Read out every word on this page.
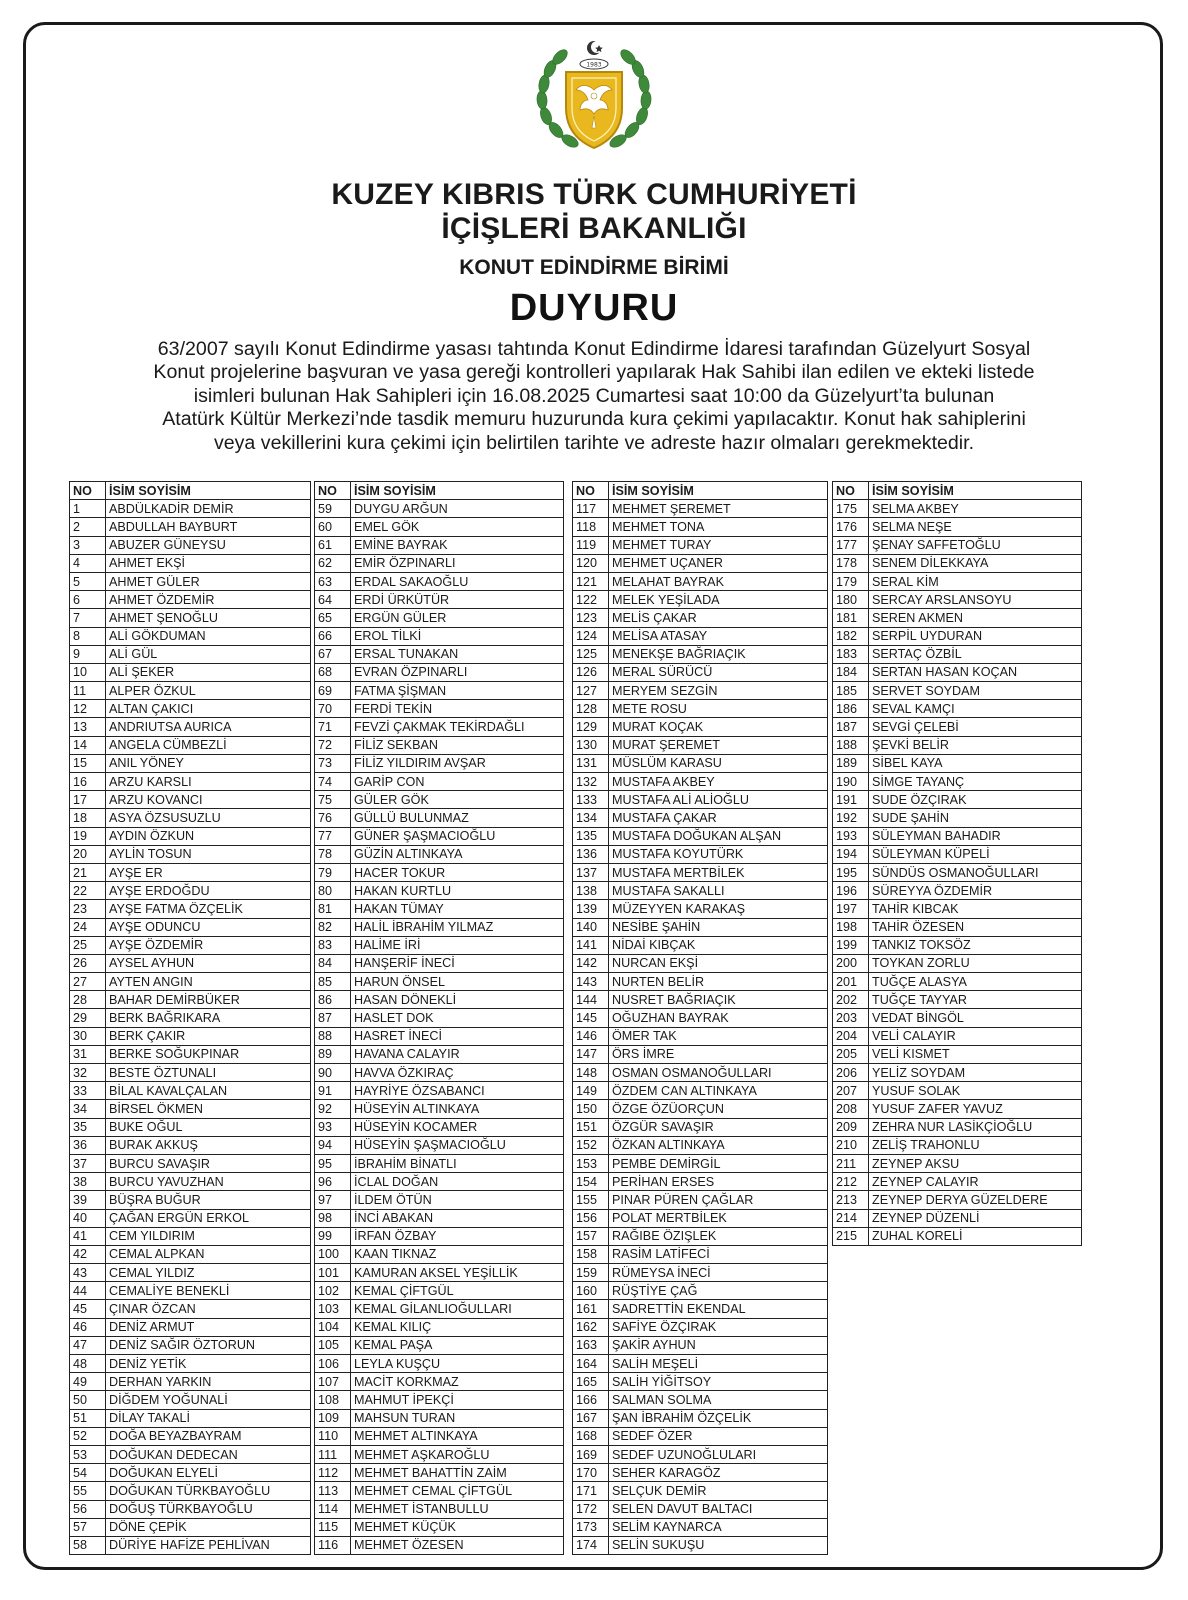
1983
KUZEY KIBRIS TÜRK CUMHURİYETİ
İÇİŞLERİ BAKANLIĞI
KONUT EDİNDİRME BİRİMİ
DUYURU
63/2007 sayılı Konut Edindirme yasası tahtında Konut Edindirme İdaresi tarafından Güzelyurt Sosyal
Konut projelerine başvuran ve yasa gereği kontrolleri yapılarak Hak Sahibi ilan edilen ve ekteki listede
isimleri bulunan Hak Sahipleri için 16.08.2025 Cumartesi saat 10:00 da Güzelyurt’ta bulunan
Atatürk Kültür Merkezi’nde tasdik memuru huzurunda kura çekimi yapılacaktır. Konut hak sahiplerini
veya vekillerini kura çekimi için belirtilen tarihte ve adreste hazır olmaları gerekmektedir.
NO	İSİM SOYİSİM
1	ABDÜLKADİR DEMİR
2	ABDULLAH BAYBURT
3	ABUZER GÜNEYSU
4	AHMET EKŞİ
5	AHMET GÜLER
6	AHMET ÖZDEMİR
7	AHMET ŞENOĞLU
8	ALİ GÖKDUMAN
9	ALİ GÜL
10	ALİ ŞEKER
11	ALPER ÖZKUL
12	ALTAN ÇAKICI
13	ANDRIUTSA AURICA
14	ANGELA CÜMBEZLİ
15	ANIL YÖNEY
16	ARZU KARSLI
17	ARZU KOVANCI
18	ASYA ÖZSUSUZLU
19	AYDIN ÖZKUN
20	AYLİN TOSUN
21	AYŞE ER
22	AYŞE ERDOĞDU
23	AYŞE FATMA ÖZÇELİK
24	AYŞE ODUNCU
25	AYŞE ÖZDEMİR
26	AYSEL AYHUN
27	AYTEN ANGIN
28	BAHAR DEMİRBÜKER
29	BERK BAĞRIKARA
30	BERK ÇAKIR
31	BERKE SOĞUKPINAR
32	BESTE ÖZTUNALI
33	BİLAL KAVALÇALAN
34	BİRSEL ÖKMEN
35	BUKE OĞUL
36	BURAK AKKUŞ
37	BURCU SAVAŞIR
38	BURCU YAVUZHAN
39	BÜŞRA BUĞUR
40	ÇAĞAN ERGÜN ERKOL
41	CEM YILDIRIM
42	CEMAL ALPKAN
43	CEMAL YILDIZ
44	CEMALİYE BENEKLİ
45	ÇINAR ÖZCAN
46	DENİZ ARMUT
47	DENİZ SAĞIR ÖZTORUN
48	DENİZ YETİK
49	DERHAN YARKIN
50	DİĞDEM YOĞUNALİ
51	DİLAY TAKALİ
52	DOĞA BEYAZBAYRAM
53	DOĞUKAN DEDECAN
54	DOĞUKAN ELYELİ
55	DOĞUKAN TÜRKBAYOĞLU
56	DOĞUŞ TÜRKBAYOĞLU
57	DÖNE ÇEPİK
58	DÜRİYE HAFİZE PEHLİVAN
NO	İSİM SOYİSİM
59	DUYGU ARĞUN
60	EMEL GÖK
61	EMİNE BAYRAK
62	EMİR ÖZPINARLI
63	ERDAL SAKAOĞLU
64	ERDİ ÜRKÜTÜR
65	ERGÜN GÜLER
66	EROL TİLKİ
67	ERSAL TUNAKAN
68	EVRAN ÖZPINARLI
69	FATMA ŞİŞMAN
70	FERDİ TEKİN
71	FEVZİ ÇAKMAK TEKİRDAĞLI
72	FİLİZ SEKBAN
73	FİLİZ YILDIRIM AVŞAR
74	GARİP CON
75	GÜLER GÖK
76	GÜLLÜ BULUNMAZ
77	GÜNER ŞAŞMACIOĞLU
78	GÜZİN ALTINKAYA
79	HACER TOKUR
80	HAKAN KURTLU
81	HAKAN TÜMAY
82	HALİL İBRAHİM YILMAZ
83	HALİME İRİ
84	HANŞERİF İNECİ
85	HARUN ÖNSEL
86	HASAN DÖNEKLİ
87	HASLET DOK
88	HASRET İNECİ
89	HAVANA CALAYIR
90	HAVVA ÖZKIRAÇ
91	HAYRİYE ÖZSABANCI
92	HÜSEYİN ALTINKAYA
93	HÜSEYİN KOCAMER
94	HÜSEYİN ŞAŞMACIOĞLU
95	İBRAHİM BİNATLI
96	İCLAL DOĞAN
97	İLDEM ÖTÜN
98	İNCİ ABAKAN
99	İRFAN ÖZBAY
100	KAAN TIKNAZ
101	KAMURAN AKSEL YEŞİLLİK
102	KEMAL ÇİFTGÜL
103	KEMAL GİLANLIOĞULLARI
104	KEMAL KILIÇ
105	KEMAL PAŞA
106	LEYLA KUŞÇU
107	MACİT KORKMAZ
108	MAHMUT İPEKÇİ
109	MAHSUN TURAN
110	MEHMET ALTINKAYA
111	MEHMET AŞKAROĞLU
112	MEHMET BAHATTİN ZAİM
113	MEHMET CEMAL ÇİFTGÜL
114	MEHMET İSTANBULLU
115	MEHMET KÜÇÜK
116	MEHMET ÖZESEN
NO	İSİM SOYİSİM
117	MEHMET ŞEREMET
118	MEHMET TONA
119	MEHMET TURAY
120	MEHMET UÇANER
121	MELAHAT BAYRAK
122	MELEK YEŞİLADA
123	MELİS ÇAKAR
124	MELİSA ATASAY
125	MENEKŞE BAĞRIAÇIK
126	MERAL SÜRÜCÜ
127	MERYEM SEZGİN
128	METE ROSU
129	MURAT KOÇAK
130	MURAT ŞEREMET
131	MÜSLÜM KARASU
132	MUSTAFA AKBEY
133	MUSTAFA ALİ ALİOĞLU
134	MUSTAFA ÇAKAR
135	MUSTAFA DOĞUKAN ALŞAN
136	MUSTAFA KOYUTÜRK
137	MUSTAFA MERTBİLEK
138	MUSTAFA SAKALLI
139	MÜZEYYEN KARAKAŞ
140	NESİBE ŞAHİN
141	NİDAİ KIBÇAK
142	NURCAN EKŞİ
143	NURTEN BELİR
144	NUSRET BAĞRIAÇIK
145	OĞUZHAN BAYRAK
146	ÖMER TAK
147	ÖRS İMRE
148	OSMAN OSMANOĞULLARI
149	ÖZDEM CAN ALTINKAYA
150	ÖZGE ÖZÜORÇUN
151	ÖZGÜR SAVAŞIR
152	ÖZKAN ALTINKAYA
153	PEMBE DEMİRGİL
154	PERİHAN ERSES
155	PINAR PÜREN ÇAĞLAR
156	POLAT MERTBİLEK
157	RAĞIBE ÖZIŞLEK
158	RASİM LATİFECİ
159	RÜMEYSA İNECİ
160	RÜŞTİYE ÇAĞ
161	SADRETTİN EKENDAL
162	SAFİYE ÖZÇIRAK
163	ŞAKİR AYHUN
164	SALİH MEŞELİ
165	SALİH YİĞİTSOY
166	SALMAN SOLMA
167	ŞAN İBRAHİM ÖZÇELİK
168	SEDEF ÖZER
169	SEDEF UZUNOĞLULARI
170	SEHER KARAGÖZ
171	SELÇUK DEMİR
172	SELEN DAVUT BALTACI
173	SELİM KAYNARCA
174	SELİN SUKUŞU
NO	İSİM SOYİSİM
175	SELMA AKBEY
176	SELMA NEŞE
177	ŞENAY SAFFETOĞLU
178	SENEM DİLEKKAYA
179	SERAL KİM
180	SERCAY ARSLANSOYU
181	SEREN AKMEN
182	SERPİL UYDURAN
183	SERTAÇ ÖZBİL
184	SERTAN HASAN KOÇAN
185	SERVET SOYDAM
186	SEVAL KAMÇI
187	SEVGİ ÇELEBİ
188	ŞEVKİ BELİR
189	SİBEL KAYA
190	SİMGE TAYANÇ
191	SUDE ÖZÇIRAK
192	SUDE ŞAHİN
193	SÜLEYMAN BAHADIR
194	SÜLEYMAN KÜPELİ
195	SÜNDÜS OSMANOĞULLARI
196	SÜREYYA ÖZDEMİR
197	TAHİR KIBCAK
198	TAHİR ÖZESEN
199	TANKIZ TOKSÖZ
200	TOYKAN ZORLU
201	TUĞÇE ALASYA
202	TUĞÇE TAYYAR
203	VEDAT BİNGÖL
204	VELİ CALAYIR
205	VELİ KISMET
206	YELİZ SOYDAM
207	YUSUF SOLAK
208	YUSUF ZAFER YAVUZ
209	ZEHRA NUR LASİKÇİOĞLU
210	ZELİŞ TRAHONLU
211	ZEYNEP AKSU
212	ZEYNEP CALAYIR
213	ZEYNEP DERYA GÜZELDERE
214	ZEYNEP DÜZENLİ
215	ZUHAL KORELİ
